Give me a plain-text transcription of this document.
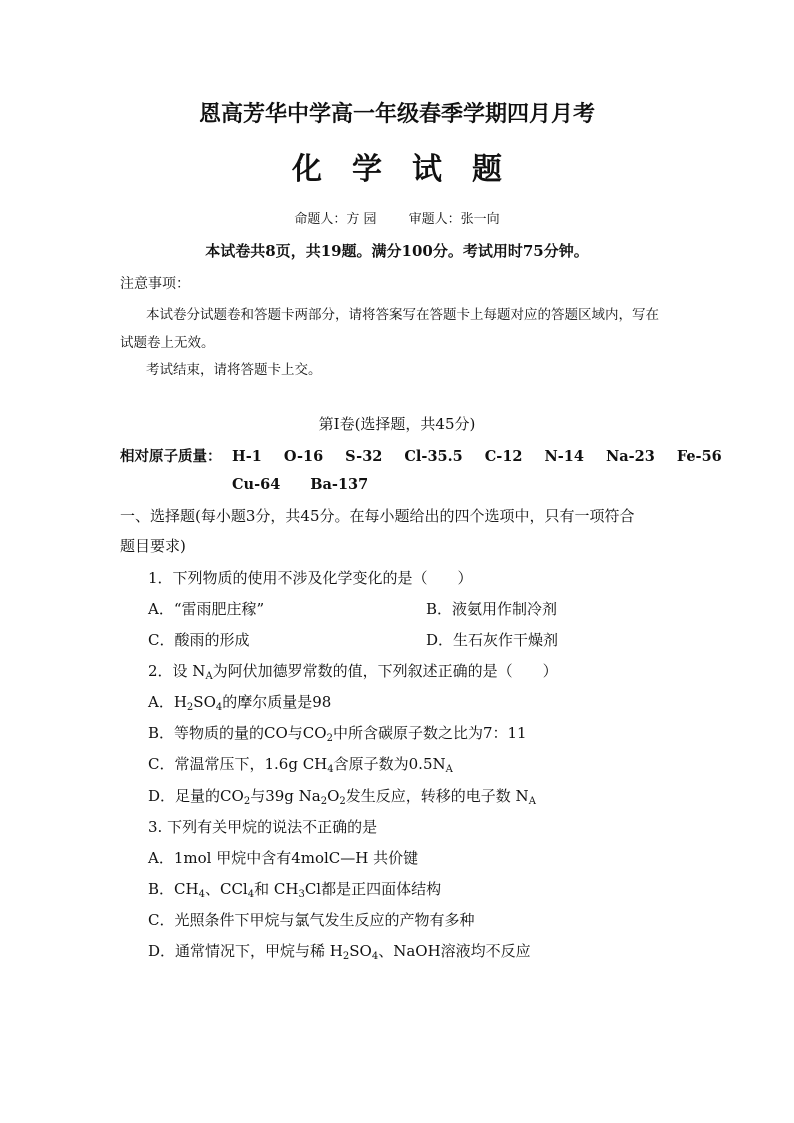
恩高芳华中学高一年级春季学期四月月考
化学试题
命题人：方 园 审题人：张一向
本试卷共8页，共19题。满分100分。考试用时75分钟。
注意事项：
本试卷分试题卷和答题卡两部分，请将答案写在答题卡上每题对应的答题区域内，写在
试题卷上无效。
考试结束，请将答题卡上交。
第Ⅰ卷(选择题，共45分)
相对原子质量： H-1 O-16 S-32 Cl-35.5 C-12 N-14 Na-23 Fe-56
Cu-64 Ba-137
一、选择题(每小题3分，共45分。在每小题给出的四个选项中，只有一项符合
题目要求)
1．下列物质的使用不涉及化学变化的是（　　）
A．“雷雨肥庄稼”	B．液氨用作制冷剂
C．酸雨的形成	D．生石灰作干燥剂
2．设 $N_A$为阿伏加德罗常数的值，下列叙述正确的是（　　）
A．$H_2SO_4$的摩尔质量是98
B．等物质的量的CO与$CO_2$中所含碳原子数之比为7：11
C．常温常压下，1.6g $CH_4$含原子数为$0.5N_A$
D．足量的$CO_2$与39g $Na_2O_2$发生反应，转移的电子数 $N_A$
3. 下列有关甲烷的说法不正确的是
A．1mol 甲烷中含有4molC—H 共价键
B．$CH_4$、CCl$_4$和 $CH_3Cl$都是正四面体结构
C．光照条件下甲烷与氯气发生反应的产物有多种
D．通常情况下，甲烷与稀 $H_2SO_4$、NaOH溶液均不反应
